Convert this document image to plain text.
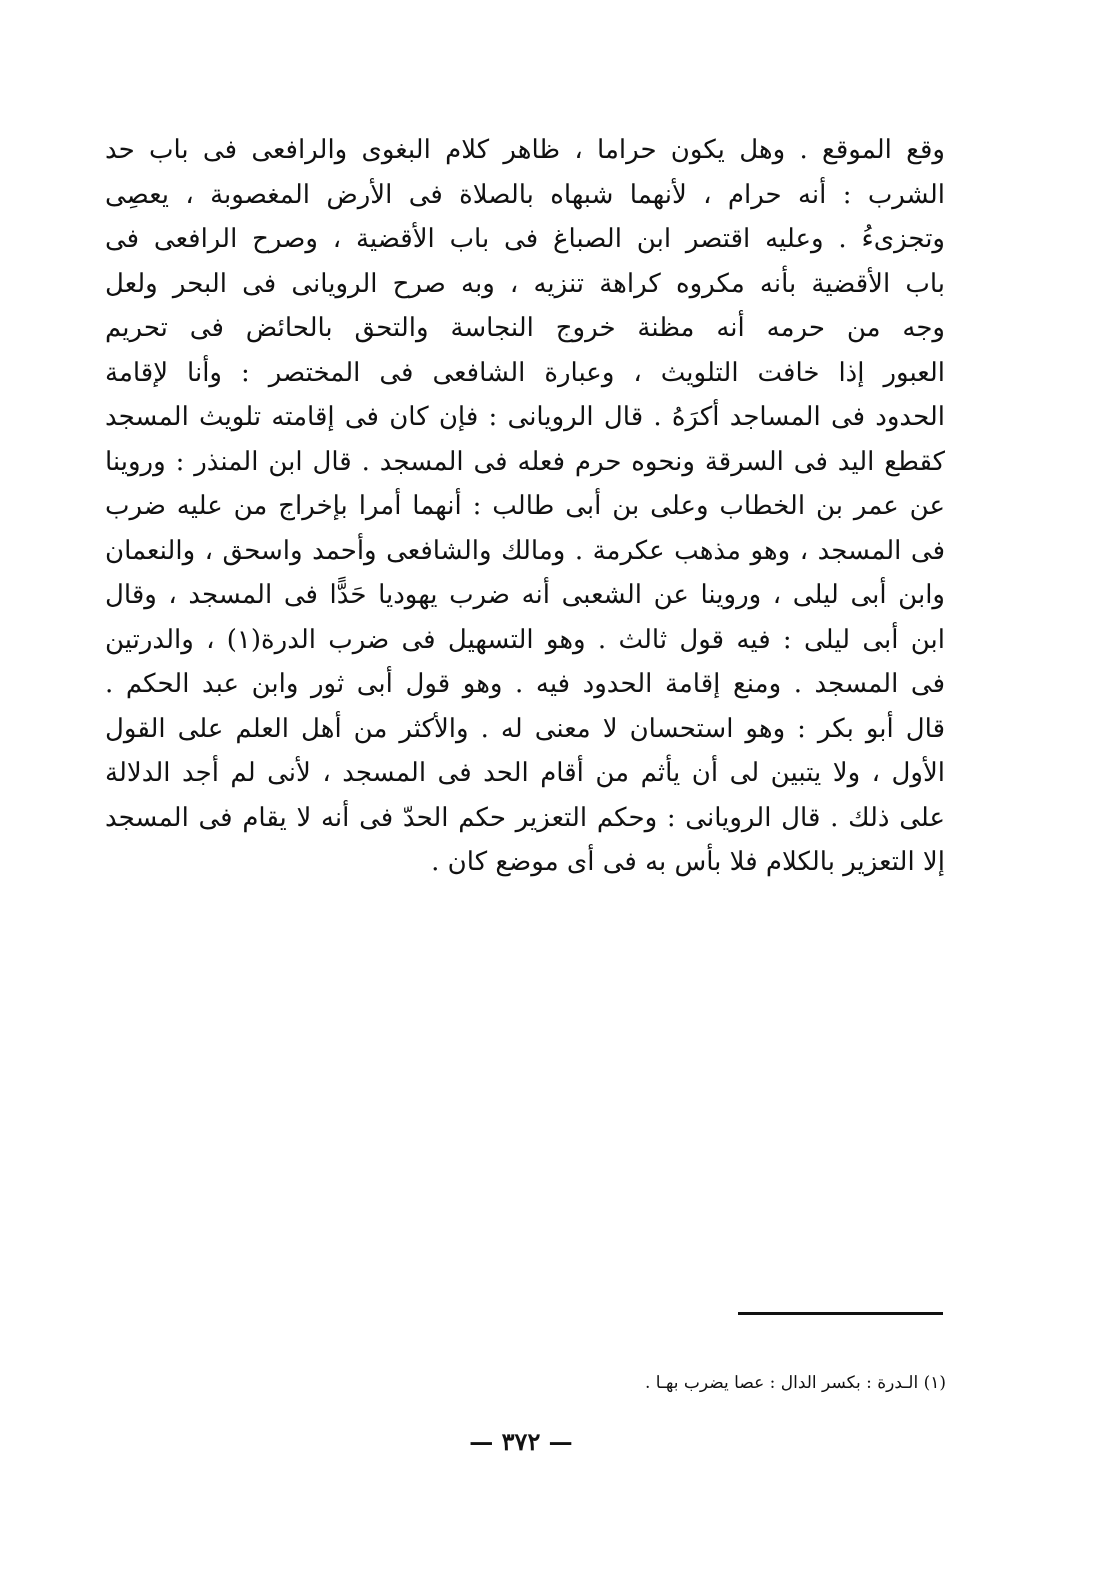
وقع الموقع . وهل يكون حراما ، ظاهر كلام البغوى والرافعى فى باب حد
الشرب : أنه حرام ، لأنهما شبهاه بالصلاة فى الأرض المغصوبة ، يعصِى
وتجزىءُ . وعليه اقتصر ابن الصباغ فى باب الأقضية ، وصرح الرافعى فى
باب الأقضية بأنه مكروه كراهة تنزيه ، وبه صرح الرويانى فى البحر ولعل
وجه من حرمه أنه مظنة خروج النجاسة والتحق بالحائض فى تحريم
العبور إذا خافت التلويث ، وعبارة الشافعى فى المختصر : وأنا لإقامة
الحدود فى المساجد أكرَهُ . قال الرويانى : فإن كان فى إقامته تلويث المسجد
كقطع اليد فى السرقة ونحوه حرم فعله فى المسجد . قال ابن المنذر : وروينا
عن عمر بن الخطاب وعلى بن أبى طالب : أنهما أمرا بإخراج من عليه ضرب
فى المسجد ، وهو مذهب عكرمة . ومالك والشافعى وأحمد واسحق ، والنعمان
وابن أبى ليلى ، وروينا عن الشعبى أنه ضرب يهوديا حَدًّا فى المسجد ، وقال
ابن أبى ليلى : فيه قول ثالث . وهو التسهيل فى ضرب الدرة(١) ، والدرتين
فى المسجد . ومنع إقامة الحدود فيه . وهو قول أبى ثور وابن عبد الحكم .
قال أبو بكر : وهو استحسان لا معنى له . والأكثر من أهل العلم على القول
الأول ، ولا يتبين لى أن يأثم من أقام الحد فى المسجد ، لأنى لم أجد الدلالة
على ذلك . قال الرويانى : وحكم التعزير حكم الحدّ فى أنه لا يقام فى المسجد
إلا التعزير بالكلام فلا بأس به فى أى موضع كان .
(١) الـدرة : بكسر الدال : عصا يضرب بهـا .
— ٣٧٢ —
